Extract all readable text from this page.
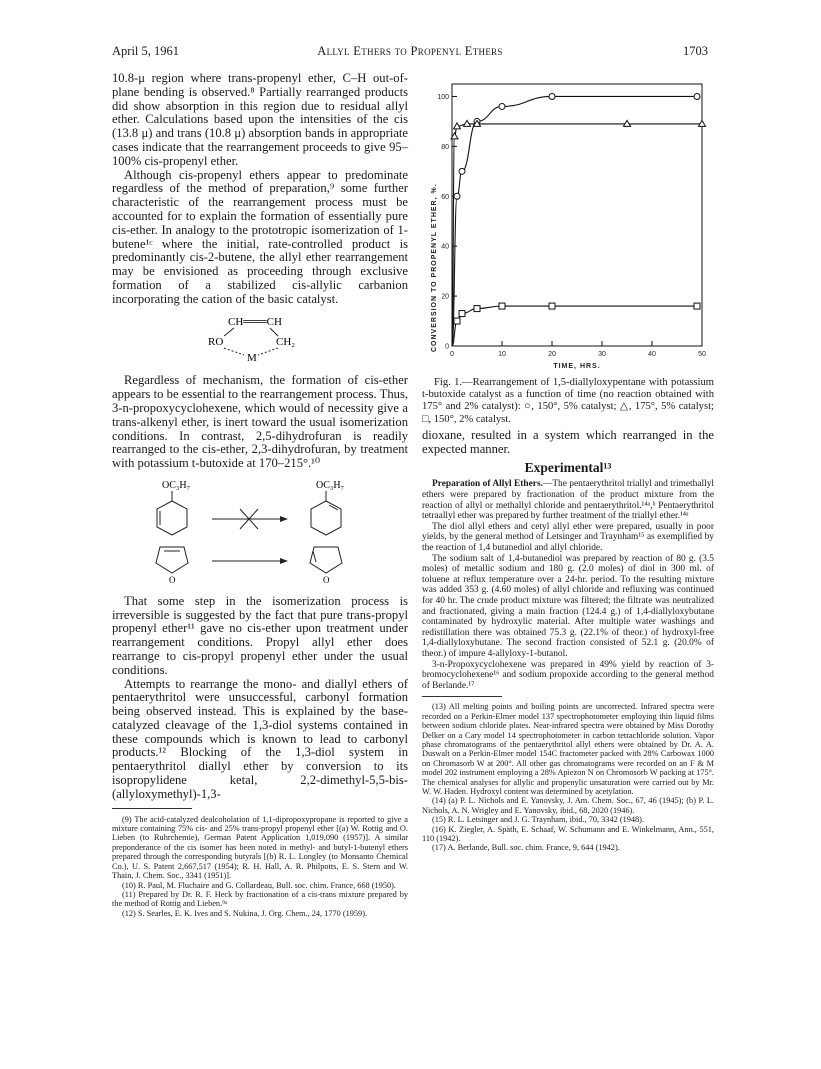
April 5, 1961	Allyl Ethers to Propenyl Ethers	1703

10.8-μ region where trans-propenyl ether, C–H out-of-plane bending is observed.⁸ Partially rearranged products did show absorption in this region due to residual allyl ether. Calculations based upon the intensities of the cis (13.8 μ) and trans (10.8 μ) absorption bands in appropriate cases indicate that the rearrangement proceeds to give 95–100% cis-propenyl ether.

Although cis-propenyl ethers appear to predominate regardless of the method of preparation,⁹ some further characteristic of the rearrangement process must be accounted for to explain the formation of essentially pure cis-ether. In analogy to the prototropic isomerization of 1-butene¹ᶜ where the initial, rate-controlled product is predominantly cis-2-butene, the allyl ether rearrangement may be envisioned as proceeding through exclusive formation of a stabilized cis-allylic carbanion incorporating the cation of the basic catalyst.

CH═══CH
RO	CH₂
M

Regardless of mechanism, the formation of cis-ether appears to be essential to the rearrangement process. Thus, 3-n-propoxycyclohexene, which would of necessity give a trans-alkenyl ether, is inert toward the usual isomerization conditions. In contrast, 2,5-dihydrofuran is readily rearranged to the cis-ether, 2,3-dihydrofuran, by treatment with potassium t-butoxide at 170–215°.¹⁰

OC₃H₇	OC₃H₇
O	O

That some step in the isomerization process is irreversible is suggested by the fact that pure trans-propyl propenyl ether¹¹ gave no cis-ether upon treatment under rearrangement conditions. Propyl allyl ether does rearrange to cis-propyl propenyl ether under the usual conditions.

Attempts to rearrange the mono- and diallyl ethers of pentaerythritol were unsuccessful, carbonyl formation being observed instead. This is explained by the base-catalyzed cleavage of the 1,3-diol systems contained in these compounds which is known to lead to carbonyl products.¹² Blocking of the 1,3-diol system in pentaerythritol diallyl ether by conversion to its isopropylidene ketal, 2,2-dimethyl-5,5-bis-(allyloxymethyl)-1,3-

(9) The acid-catalyzed dealcoholation of 1,1-dipropoxypropane is reported to give a mixture containing 75% cis- and 25% trans-propyl propenyl ether [(a) W. Rottig and O. Lieben (to Ruhrchemie), German Patent Application 1,019,090 (1957)]. A similar preponderance of the cis isomer has been noted in methyl- and butyl-1-butenyl ethers prepared through the corresponding butyrals [(b) R. L. Longley (to Monsanto Chemical Co.), U. S. Patent 2,667,517 (1954); R. H. Hall, A. R. Philpotts, E. S. Stern and W. Thain, J. Chem. Soc., 3341 (1951)].

(10) R. Paul, M. Fluchaire and G. Collardeau, Bull. soc. chim. France, 668 (1950).

(11) Prepared by Dr. R. F. Heck by fractionation of a cis-trans mixture prepared by the method of Rottig and Lieben.⁹ᵃ

(12) S. Searles, E. K. Ives and S. Nukina, J. Org. Chem., 24, 1770 (1959).

0
20
40
60
80
100
0	10	20	30	40	50
CONVERSION TO PROPENYL ETHER, %.
TIME, HRS.
Fig. 1.—Rearrangement of 1,5-diallyloxypentane with potassium t-butoxide catalyst as a function of time (no reaction obtained with 175° and 2% catalyst): ○, 150°, 5% catalyst; △, 175°, 5% catalyst; □, 150°, 2% catalyst.

dioxane, resulted in a system which rearranged in the expected manner.

Experimental¹³

Preparation of Allyl Ethers.—The pentaerythritol triallyl and trimethallyl ethers were prepared by fractionation of the product mixture from the reaction of allyl or methallyl chloride and pentaerythritol.¹⁴ᵃ,ᵇ Pentaerythritol tetraallyl ether was prepared by further treatment of the triallyl ether.¹⁴ᵃ

The diol allyl ethers and cetyl allyl ether were prepared, usually in poor yields, by the general method of Letsinger and Traynham¹⁵ as exemplified by the reaction of 1,4 butanediol and allyl chloride.

The sodium salt of 1,4-butanediol was prepared by reaction of 80 g. (3.5 moles) of metallic sodium and 180 g. (2.0 moles) of diol in 300 ml. of toluene at reflux temperature over a 24-hr. period. To the resulting mixture was added 353 g. (4.60 moles) of allyl chloride and refluxing was continued for 40 hr. The crude product mixture was filtered; the filtrate was neutralized and fractionated, giving a main fraction (124.4 g.) of 1,4-diallyloxybutane contaminated by hydroxylic material. After multiple water washings and redistillation there was obtained 75.3 g. (22.1% of theor.) of hydroxyl-free 1,4-diallyloxybutane. The second fraction consisted of 52.1 g. (20.0% of theor.) of impure 4-allyloxy-1-butanol.

3-n-Propoxycyclohexene was prepared in 49% yield by reaction of 3-bromocyclohexene¹⁶ and sodium propoxide according to the general method of Berlande.¹⁷

(13) All melting points and boiling points are uncorrected. Infrared spectra were recorded on a Perkin-Elmer model 137 spectrophotometer employing thin liquid films between sodium chloride plates. Near-infrared spectra were obtained by Miss Dorothy Delker on a Cary model 14 spectrophotometer in carbon tetrachloride solution. Vapor phase chromatograms of the pentaerythritol allyl ethers were obtained by Dr. A. A. Duswalt on a Perkin-Elmer model 154C fractometer packed with 28% Carbowax 1000 on Chromasorb W at 200°. All other gas chromatograms were recorded on an F & M model 202 instrument employing a 28% Apiezon N on Chromosorb W packing at 175°. The chemical analyses for allylic and propenylic unsaturation were carried out by Mr. W. W. Haden. Hydroxyl content was determined by acetylation.

(14) (a) P. L. Nichols and E. Yanovsky, J. Am. Chem. Soc., 67, 46 (1945); (b) P. L. Nichols, A. N. Wrigley and E. Yanovsky, ibid., 68, 2020 (1946).

(15) R. L. Letsinger and J. G. Traynham, ibid., 70, 3342 (1948).

(16) K. Ziegler, A. Späth, E. Schaaf, W. Schumann and E. Winkelmann, Ann., 551, 110 (1942).

(17) A. Berlande, Bull. soc. chim. France, 9, 644 (1942).
